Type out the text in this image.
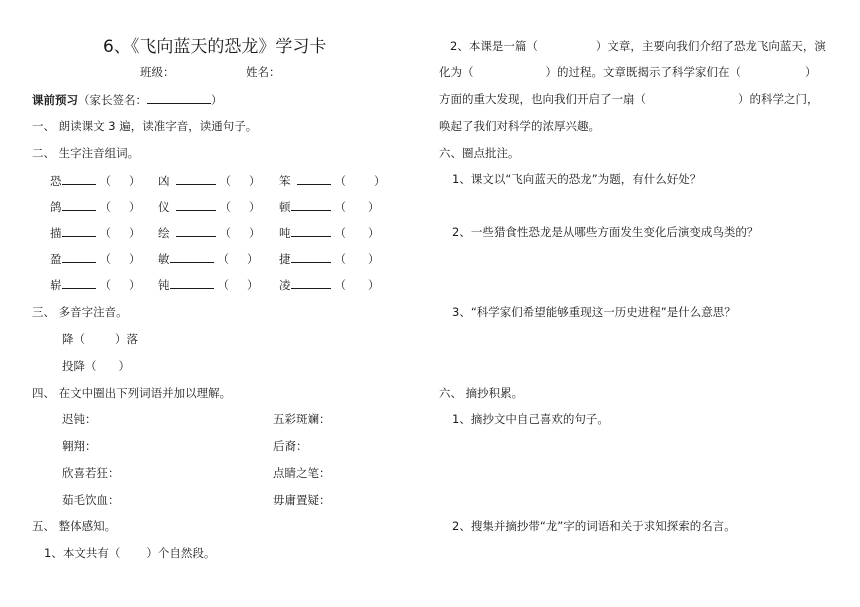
6、《飞向蓝天的恐龙》学习卡
班级：	姓名：
课前预习（家长签名：	）
一、 朗读课文 3 遍，读准字音，读通句子。
二、 生字注音组词。
恐	（ ） 凶	（ ） 笨	（ ）
鸽	（ ） 仪	（ ） 顿	（ ）
描	（ ） 绘	（ ） 吨	（ ）
盈	（ ） 敏	（ ） 捷	（ ）
崭	（ ） 钝	（ ） 凌	（ ）
三、 多音字注音。
降（	）落
投降（ ）
四、 在文中圈出下列词语并加以理解。
迟钝：	五彩斑斓：
翱翔：	后裔：
欣喜若狂：	点睛之笔：
茹毛饮血：	毋庸置疑：
五、 整体感知。
1、本文共有（ ）个自然段。
2、本课是一篇（	）文章，主要向我们介绍了恐龙飞向蓝天，演
化为（	）的过程。文章既揭示了科学家们在（	）
方面的重大发现，也向我们开启了一扇（	）的科学之门，
唤起了我们对科学的浓厚兴趣。
六、圈点批注。
1、课文以“飞向蓝天的恐龙”为题，有什么好处？
2、一些猎食性恐龙是从哪些方面发生变化后演变成鸟类的？
3、“科学家们希望能够重现这一历史进程”是什么意思？
六、 摘抄积累。
1、摘抄文中自己喜欢的句子。
2、搜集并摘抄带“龙”字的词语和关于求知探索的名言。
